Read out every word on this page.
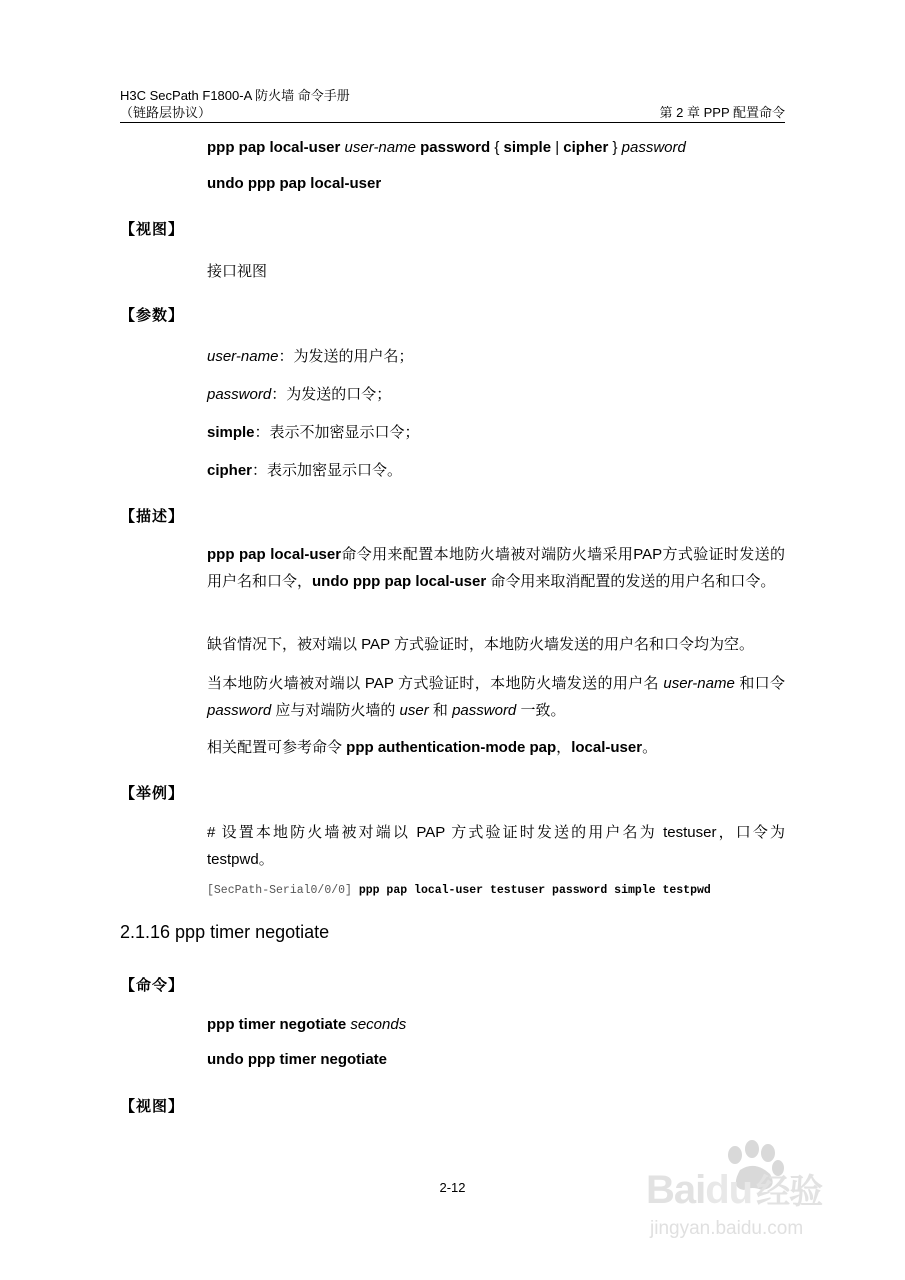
H3C SecPath F1800-A 防火墙 命令手册
（链路层协议）	第 2 章 PPP 配置命令
ppp pap local-user user-name password { simple | cipher } password
undo ppp pap local-user
【视图】
接口视图
【参数】
user-name：为发送的用户名；
password：为发送的口令；
simple：表示不加密显示口令；
cipher：表示加密显示口令。
【描述】
ppp pap local-user命令用来配置本地防火墙被对端防火墙采用PAP方式验证时发送的用户名和口令，undo ppp pap local-user 命令用来取消配置的发送的用户名和口令。
缺省情况下，被对端以 PAP 方式验证时，本地防火墙发送的用户名和口令均为空。
当本地防火墙被对端以 PAP 方式验证时，本地防火墙发送的用户名 user-name 和口令 password 应与对端防火墙的 user 和 password 一致。
相关配置可参考命令 ppp authentication-mode pap，local-user。
【举例】
# 设置本地防火墙被对端以 PAP 方式验证时发送的用户名为 testuser，口令为 testpwd。
[SecPath-Serial0/0/0] ppp pap local-user testuser password simple testpwd
2.1.16 ppp timer negotiate
【命令】
ppp timer negotiate seconds
undo ppp timer negotiate
【视图】
2-12	Baidu 经验
jingyan.baidu.com
